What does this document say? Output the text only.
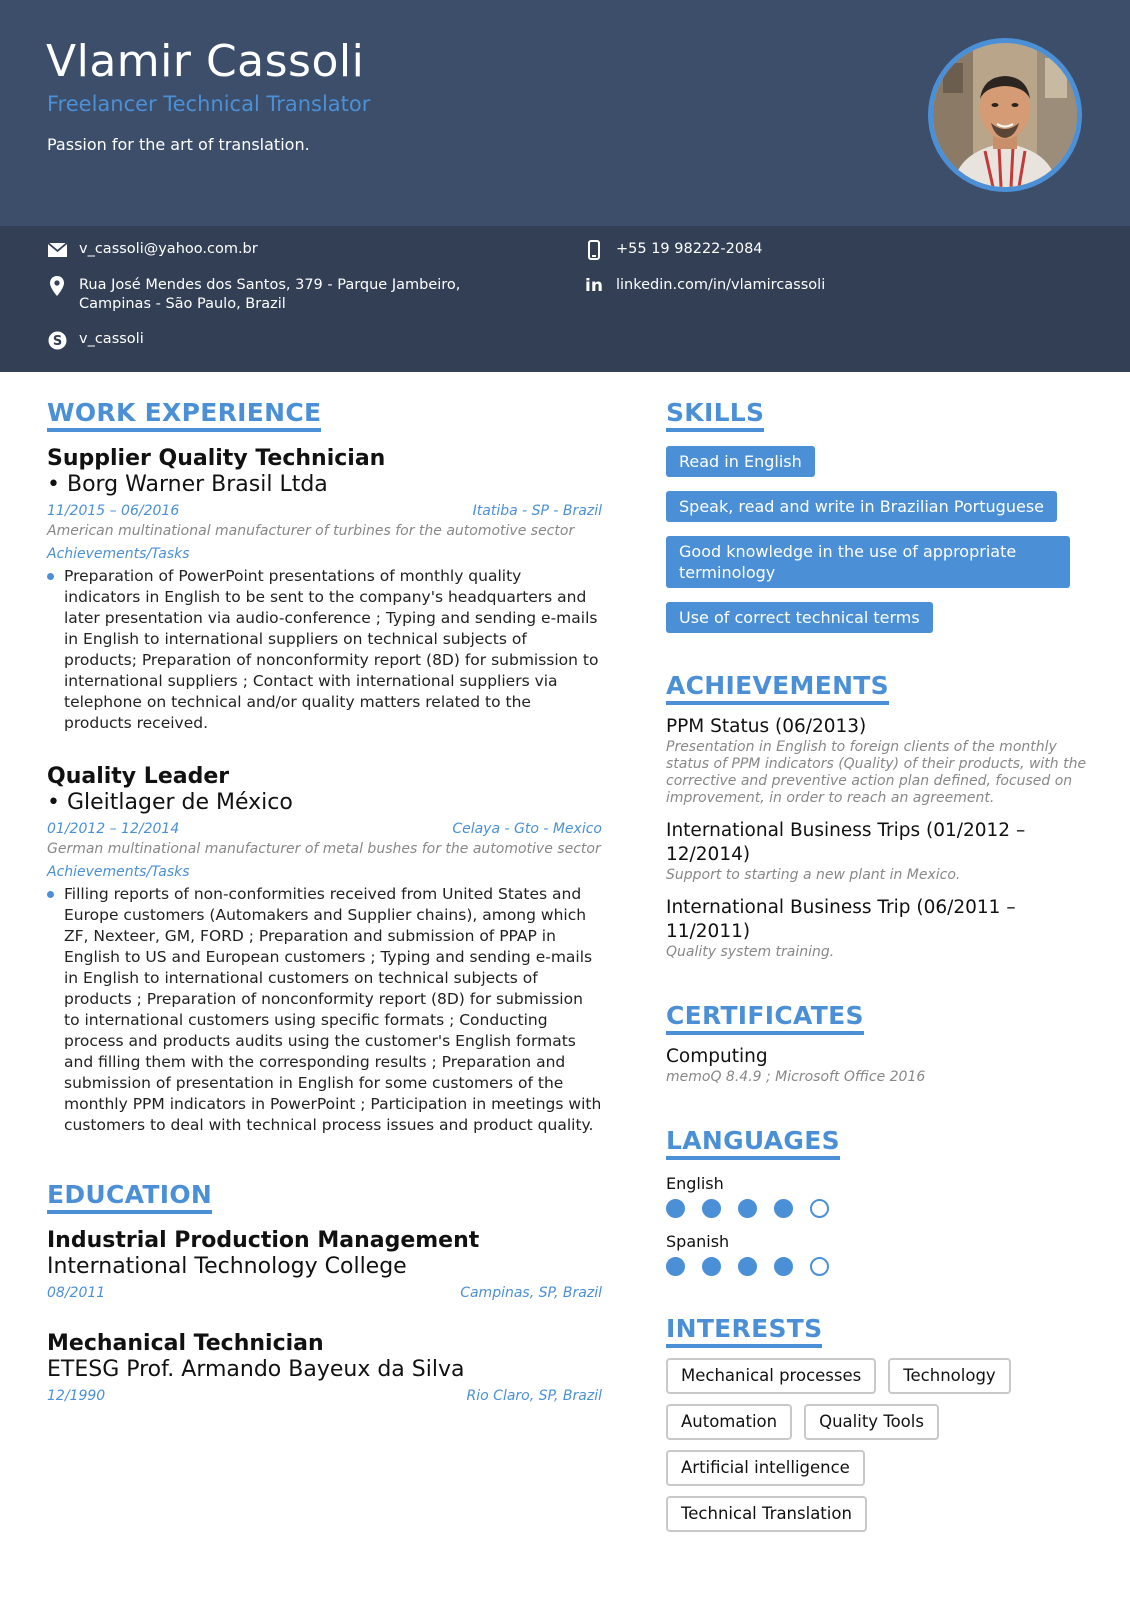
Vlamir Cassoli
Freelancer Technical Translator
Passion for the art of translation.
v_cassoli@yahoo.com.br	+55 19 98222-2084
Rua José Mendes dos Santos, 379 - Parque Jambeiro,
Campinas - São Paulo, Brazil
in linkedin.com/in/vlamircassoli
S v_cassoli
WORK EXPERIENCE
Supplier Quality Technician
• Borg Warner Brasil Ltda
11/2015 – 06/2016	Itatiba - SP - Brazil
American multinational manufacturer of turbines for the automotive sector
Achievements/Tasks
Preparation of PowerPoint presentations of monthly quality indicators in English to be sent to the company's headquarters and later presentation via audio-conference ; Typing and sending e-mails in English to international suppliers on technical subjects of products; Preparation of nonconformity report (8D) for submission to international suppliers ; Contact with international suppliers via telephone on technical and/or quality matters related to the products received.
Quality Leader
• Gleitlager de México
01/2012 – 12/2014	Celaya - Gto - Mexico
German multinational manufacturer of metal bushes for the automotive sector
Achievements/Tasks
Filling reports of non-conformities received from United States and Europe customers (Automakers and Supplier chains), among which ZF, Nexteer, GM, FORD ; Preparation and submission of PPAP in English to US and European customers ; Typing and sending e-mails in English to international customers on technical subjects of products ; Preparation of nonconformity report (8D) for submission to international customers using specific formats ; Conducting process and products audits using the customer's English formats and filling them with the corresponding results ; Preparation and submission of presentation in English for some customers of the monthly PPM indicators in PowerPoint ; Participation in meetings with customers to deal with technical process issues and product quality.
EDUCATION
Industrial Production Management
International Technology College
08/2011	Campinas, SP, Brazil
Mechanical Technician
ETESG Prof. Armando Bayeux da Silva
12/1990	Rio Claro, SP, Brazil
SKILLS
Read in English
Speak, read and write in Brazilian Portuguese
Good knowledge in the use of appropriate terminology
Use of correct technical terms
ACHIEVEMENTS
PPM Status (06/2013)
Presentation in English to foreign clients of the monthly status of PPM indicators (Quality) of their products, with the corrective and preventive action plan defined, focused on improvement, in order to reach an agreement.
International Business Trips (01/2012 – 12/2014)
Support to starting a new plant in Mexico.
International Business Trip (06/2011 – 11/2011)
Quality system training.
CERTIFICATES
Computing
memoQ 8.4.9 ; Microsoft Office 2016
LANGUAGES
English
Spanish
INTERESTS
Mechanical processes	Technology
Automation	Quality Tools
Artificial intelligence
Technical Translation
